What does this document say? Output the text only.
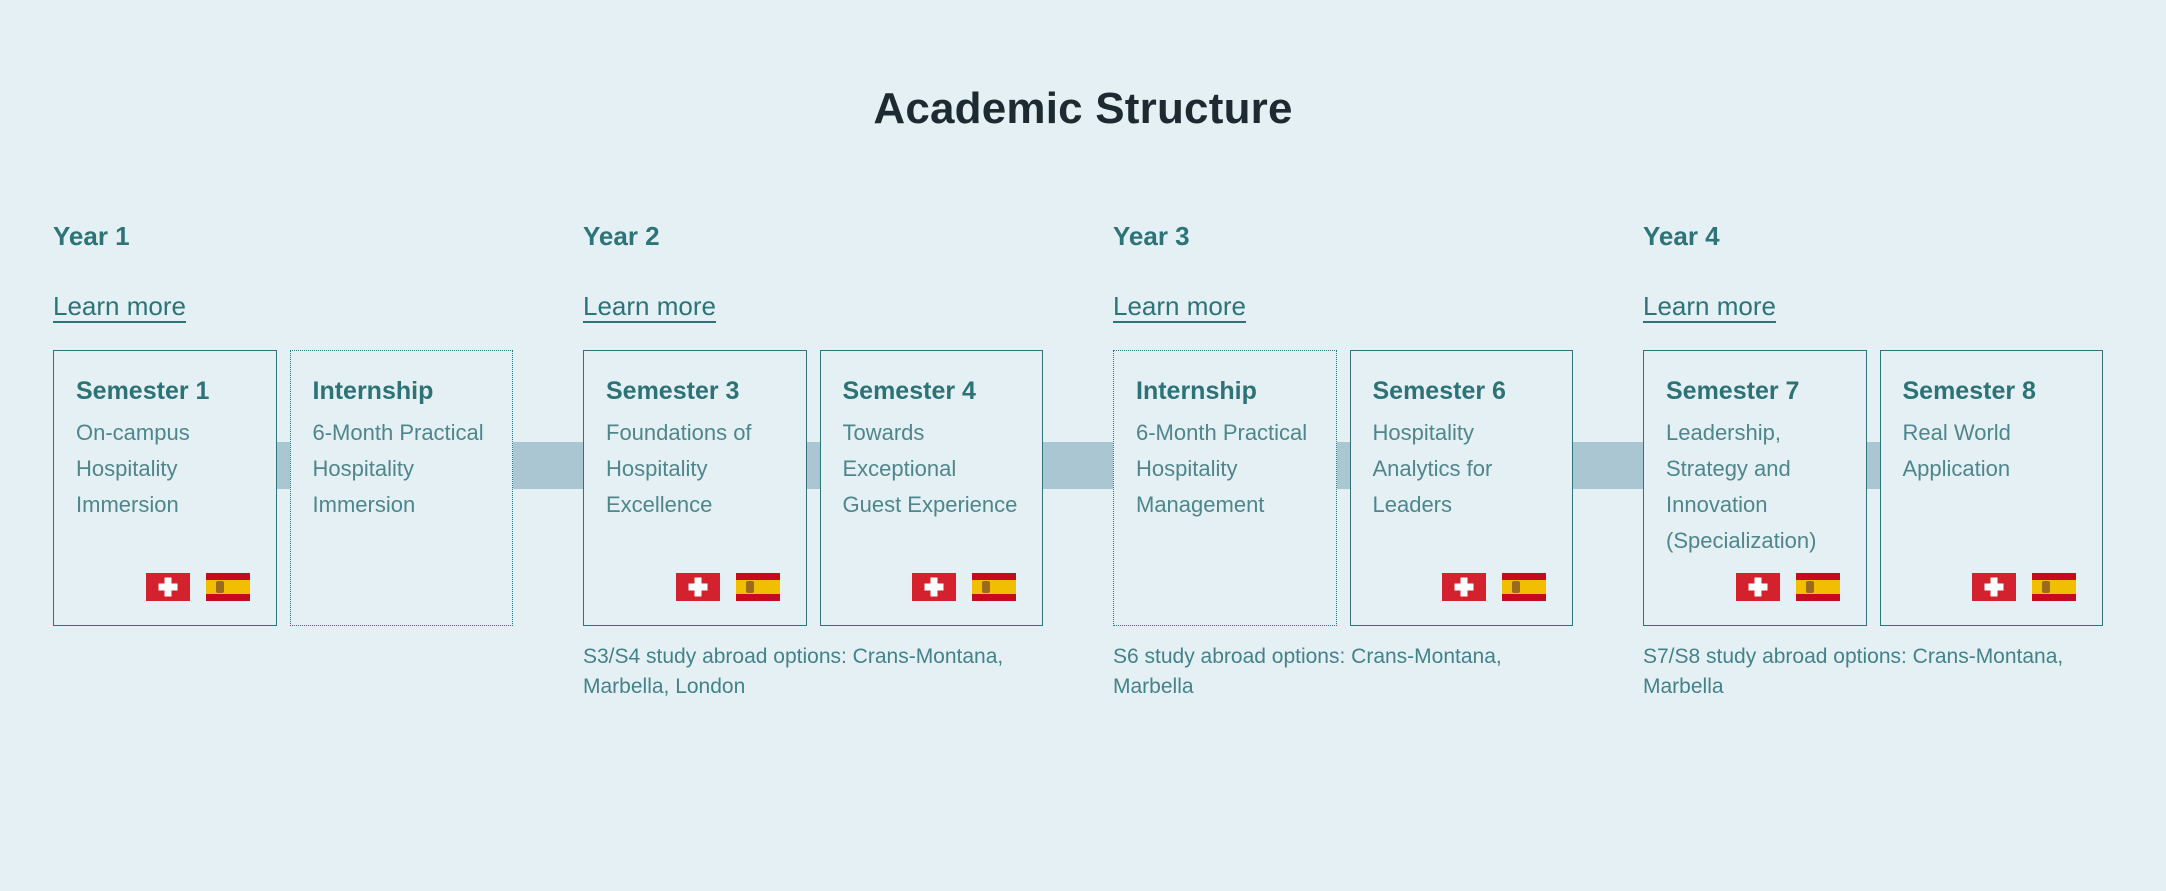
Academic Structure
Year 1
Learn more
Semester 1

On-campus Hospitality Immersion

Internship

6-Month Practical Hospitality Immersion

Year 2
Learn more
Semester 3

Foundations of Hospitality Excellence

Semester 4

Towards Exceptional Guest Experience

S3/S4 study abroad options: Crans-Montana, Marbella, London

Year 3
Learn more
Internship

6-Month Practical Hospitality Management

Semester 6

Hospitality Analytics for Leaders

S6 study abroad options: Crans-Montana, Marbella

Year 4
Learn more
Semester 7

Leadership, Strategy and Innovation (Specialization)

Semester 8

Real World Application

S7/S8 study abroad options: Crans-Montana, Marbella
